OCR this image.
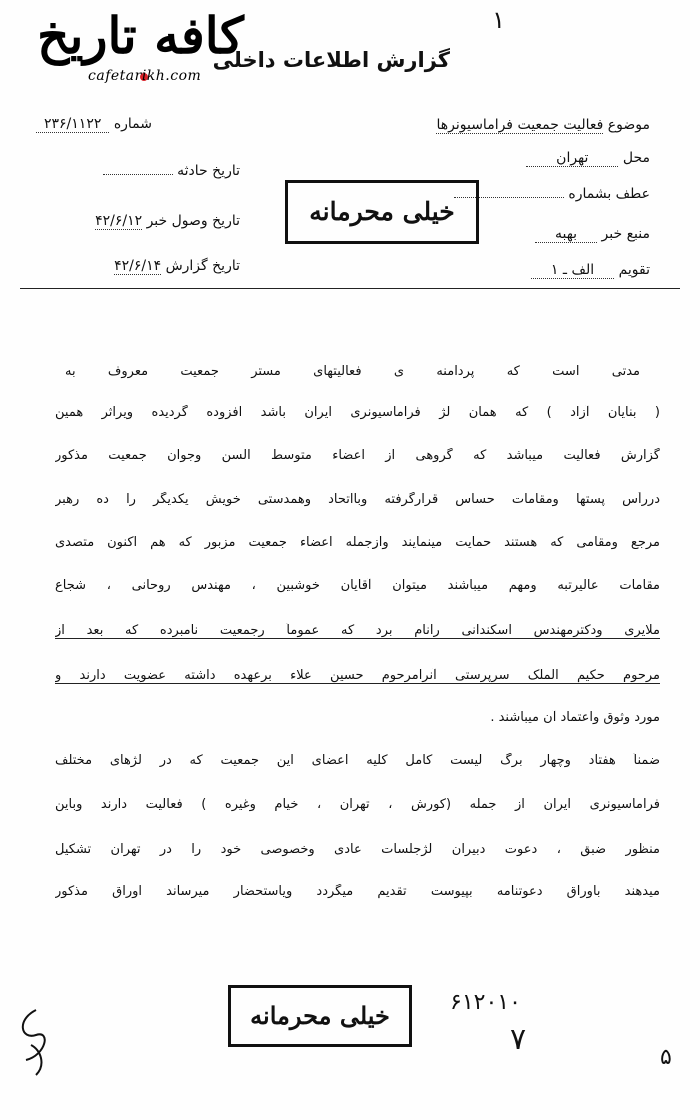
کافه تاریخ
cafetarikh.com
۱
گزارش اطلاعات داخلی
شماره ۲۳۶/۱۱۲۲
تاریخ حادثه
تاریخ وصول خبر ۴۲/۶/۱۲
تاریخ گزارش ۴۲/۶/۱۴
موضوع فعالیت جمعیت فراماسیونرها
محل تهران
عطف بشماره
منبع خبر بهبه
تقویم الف ـ ۱
خیلی محرمانه
مدتی است که پردامنه ی فعالیتهای مستر جمعیت معروف به
( بنایان آزاد ) که همان لژ فراماسیونری ایران باشد افزوده گردیده ویراثر همین
گزارش فعالیت میباشد که گروهی از اعضاء متوسط السن وجوان جمعیت مذکور
دررأس پستها ومقامات حساس قرارگرفته وبااتحاد وهمدستی خویش یکدیگر را ده رهبر
مرجع ومقامی که هستند حمایت مینمایند وازجمله اعضاء جمعیت مزبور که هم اکنون متصدی
مقامات عالیرتبه ومهم میباشند میتوان آقایان خوشبین ، مهندس روحانی ، شجاع
ملایری ودکترمهندس اسکندانی رانام برد که عموماً رجمعیت نامبرده که بعد از
مرحوم حکیم الملک سرپرستی آنرامرحوم حسین علاء برعهده داشته عضویت دارند و
مورد وثوق واعتماد آن میباشند .
ضمناً هفتاد وچهار برگ لیست کامل کلیه اعضای این جمعیت که در لژهای مختلف
فراماسیونری ایران از جمله (کورش ، تهران ، خیام وغیره ) فعالیت دارند وباین
منظور ضبق ، دعوت دبیران لژجلسات عادی وخصوصی خود را در تهران تشکیل
میدهند باوراق دعوتنامه بپیوست تقدیم میگردد ویاستحضار میرساند اوراق مذکور
خیلی محرمانه	۶۱۲۰۱۰
۷
۵
